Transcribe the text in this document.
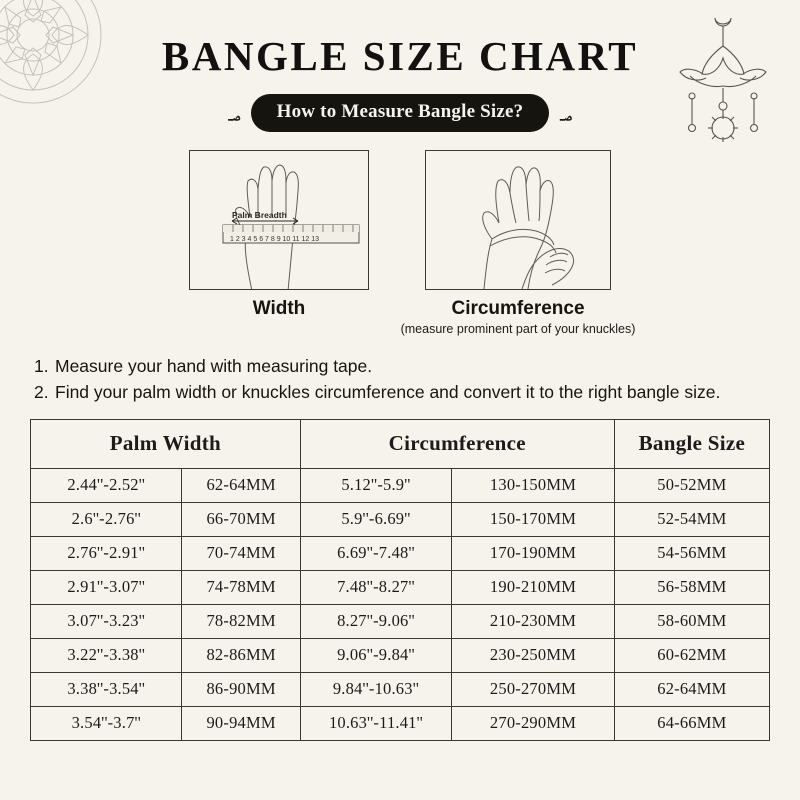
BANGLE SIZE CHART
؃	How to Measure Bangle Size?	؃
1 2 3 4 5 6 7 8 9 10 11 12 13
Palm Breadth
Width	Circumference
(measure prominent part of your knuckles)
1. Measure your hand with measuring tape.
2. Find your palm width or knuckles circumference and convert it to the right bangle size.
Palm Width		Circumference		Bangle Size
2.44''-2.52''	62-64MM	5.12''-5.9''	130-150MM	50-52MM
2.6''-2.76''	66-70MM	5.9''-6.69''	150-170MM	52-54MM
2.76''-2.91''	70-74MM	6.69''-7.48''	170-190MM	54-56MM
2.91''-3.07''	74-78MM	7.48''-8.27''	190-210MM	56-58MM
3.07''-3.23''	78-82MM	8.27''-9.06''	210-230MM	58-60MM
3.22''-3.38''	82-86MM	9.06''-9.84''	230-250MM	60-62MM
3.38''-3.54''	86-90MM	9.84''-10.63''	250-270MM	62-64MM
3.54''-3.7''	90-94MM	10.63''-11.41''	270-290MM	64-66MM
